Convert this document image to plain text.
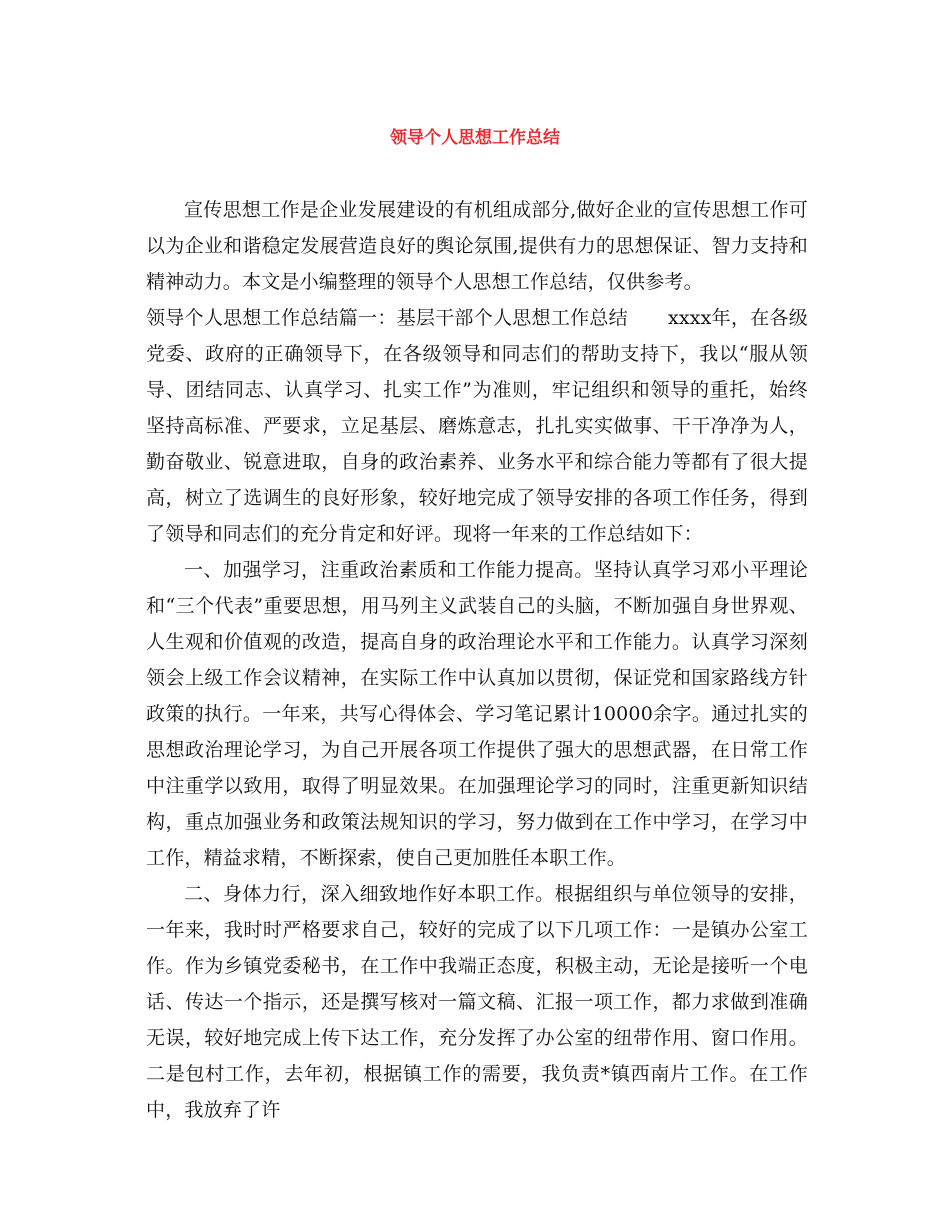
领导个人思想工作总结

宣传思想工作是企业发展建设的有机组成部分,做好企业的宣传思想工作可以为企业和谐稳定发展营造良好的舆论氛围,提供有力的思想保证、智力支持和精神动力。本文是小编整理的领导个人思想工作总结，仅供参考。

领导个人思想工作总结篇一：基层干部个人思想工作总结 xxxx年，在各级党委、政府的正确领导下，在各级领导和同志们的帮助支持下，我以“服从领导、团结同志、认真学习、扎实工作”为准则，牢记组织和领导的重托，始终坚持高标准、严要求，立足基层、磨炼意志，扎扎实实做事、干干净净为人，勤奋敬业、锐意进取，自身的政治素养、业务水平和综合能力等都有了很大提高，树立了选调生的良好形象，较好地完成了领导安排的各项工作任务，得到了领导和同志们的充分肯定和好评。现将一年来的工作总结如下：

一、加强学习，注重政治素质和工作能力提高。坚持认真学习邓小平理论和“三个代表”重要思想，用马列主义武装自己的头脑，不断加强自身世界观、人生观和价值观的改造，提高自身的政治理论水平和工作能力。认真学习深刻领会上级工作会议精神，在实际工作中认真加以贯彻，保证党和国家路线方针政策的执行。一年来，共写心得体会、学习笔记累计10000余字。通过扎实的思想政治理论学习，为自己开展各项工作提供了强大的思想武器，在日常工作中注重学以致用，取得了明显效果。在加强理论学习的同时，注重更新知识结构，重点加强业务和政策法规知识的学习，努力做到在工作中学习，在学习中工作，精益求精，不断探索，使自己更加胜任本职工作。

二、身体力行，深入细致地作好本职工作。根据组织与单位领导的安排，一年来，我时时严格要求自己，较好的完成了以下几项工作：一是镇办公室工作。作为乡镇党委秘书，在工作中我端正态度，积极主动，无论是接听一个电话、传达一个指示，还是撰写核对一篇文稿、汇报一项工作，都力求做到准确无误，较好地完成上传下达工作，充分发挥了办公室的纽带作用、窗口作用。二是包村工作，去年初，根据镇工作的需要，我负责*镇西南片工作。在工作中，我放弃了许
